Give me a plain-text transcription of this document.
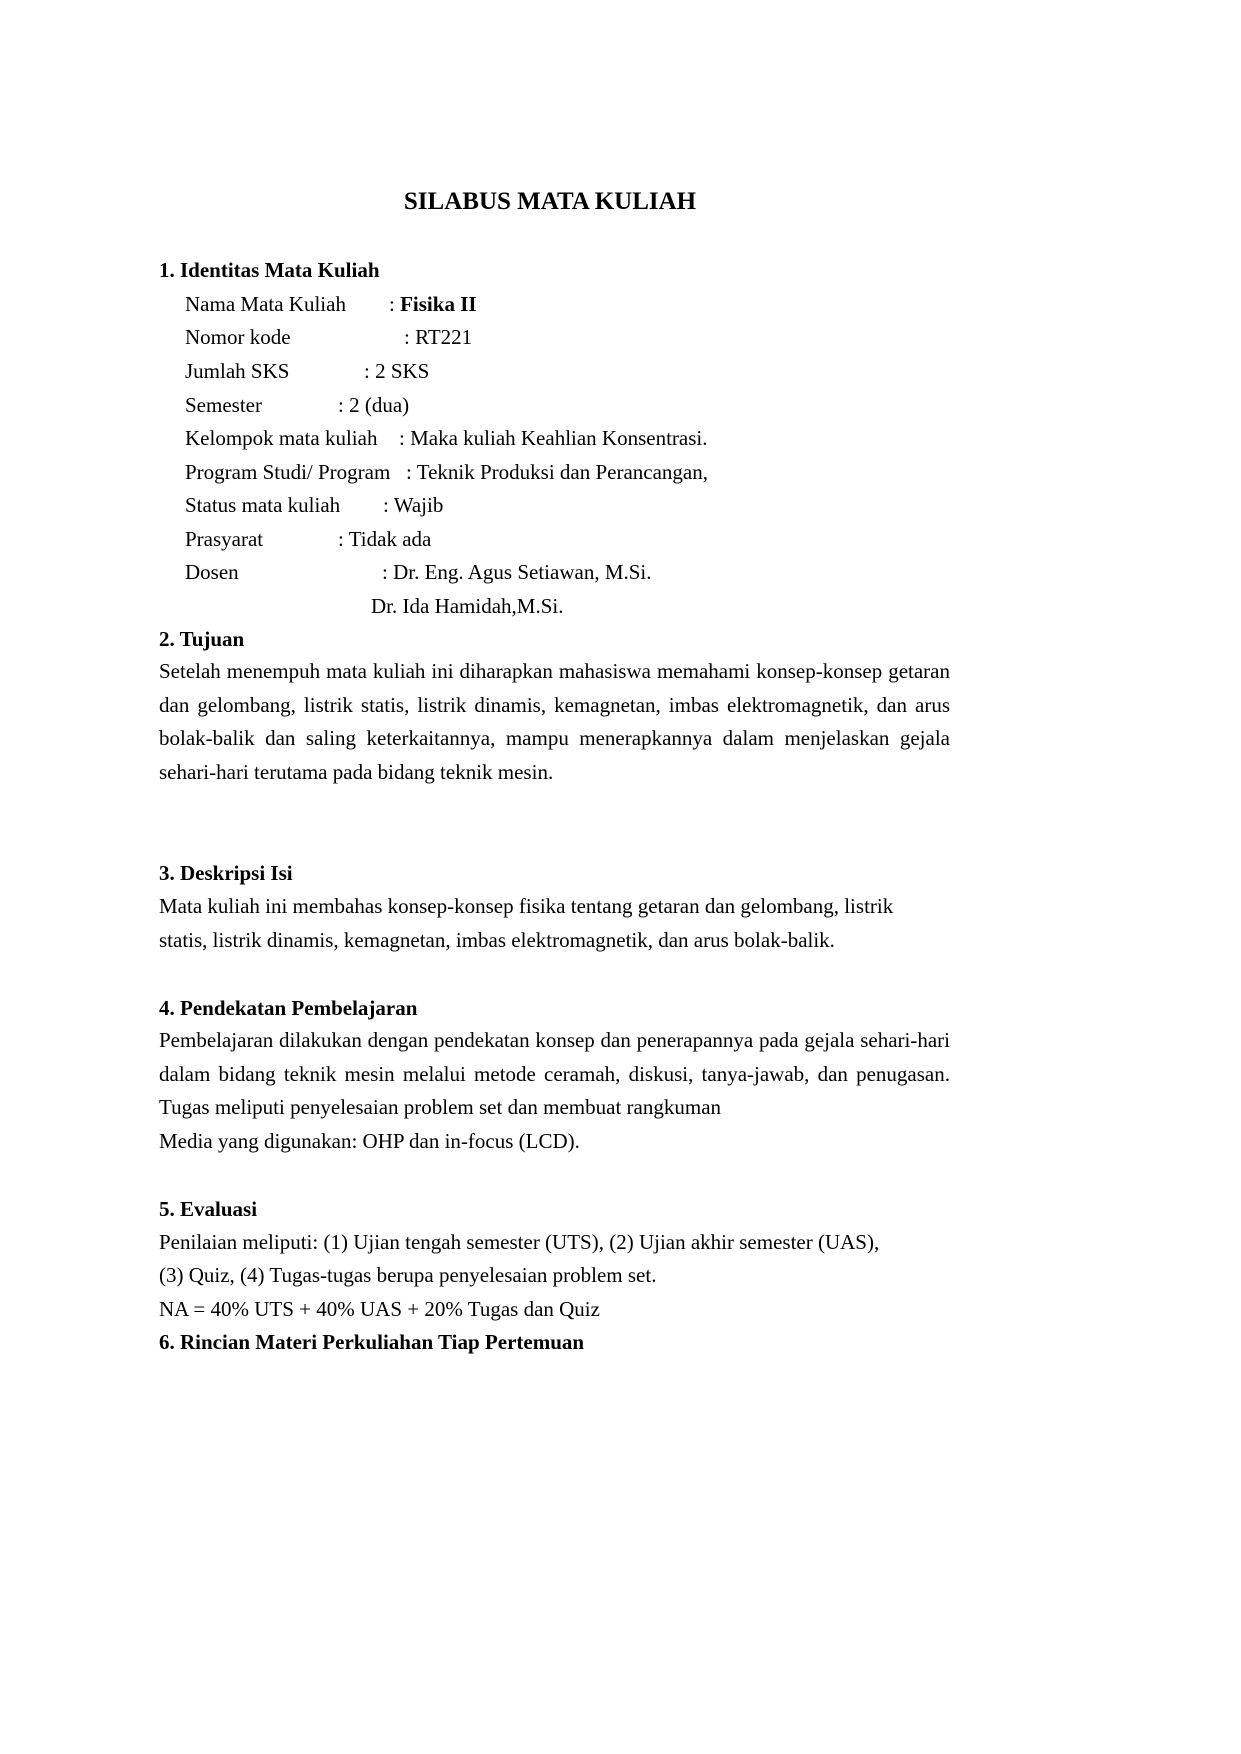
SILABUS MATA KULIAH
1. Identitas Mata Kuliah
Nama Mata Kuliah : Fisika II
Nomor kode	: RT221
Jumlah SKS	: 2 SKS
Semester	: 2 (dua)
Kelompok mata kuliah : Maka kuliah Keahlian Konsentrasi.
Program Studi/ Program : Teknik Produksi dan Perancangan,
Status mata kuliah : Wajib
Prasyarat	: Tidak ada
Dosen	: Dr. Eng. Agus Setiawan, M.Si.
Dr. Ida Hamidah,M.Si.
2. Tujuan
Setelah menempuh mata kuliah ini diharapkan mahasiswa memahami konsep-konsep getaran dan gelombang, listrik statis, listrik dinamis, kemagnetan, imbas elektromagnetik, dan arus bolak-balik dan saling keterkaitannya, mampu menerapkannya dalam menjelaskan gejala sehari-hari terutama pada bidang teknik mesin.
3. Deskripsi Isi
Mata kuliah ini membahas konsep-konsep fisika tentang getaran dan gelombang, listrik
statis, listrik dinamis, kemagnetan, imbas elektromagnetik, dan arus bolak-balik.
4. Pendekatan Pembelajaran
Pembelajaran dilakukan dengan pendekatan konsep dan penerapannya pada gejala sehari-hari dalam bidang teknik mesin melalui metode ceramah, diskusi, tanya-jawab, dan penugasan. Tugas meliputi penyelesaian problem set dan membuat rangkuman
Media yang digunakan: OHP dan in-focus (LCD).
5. Evaluasi
Penilaian meliputi: (1) Ujian tengah semester (UTS), (2) Ujian akhir semester (UAS),
(3) Quiz, (4) Tugas-tugas berupa penyelesaian problem set.
NA = 40% UTS + 40% UAS + 20% Tugas dan Quiz
6. Rincian Materi Perkuliahan Tiap Pertemuan
